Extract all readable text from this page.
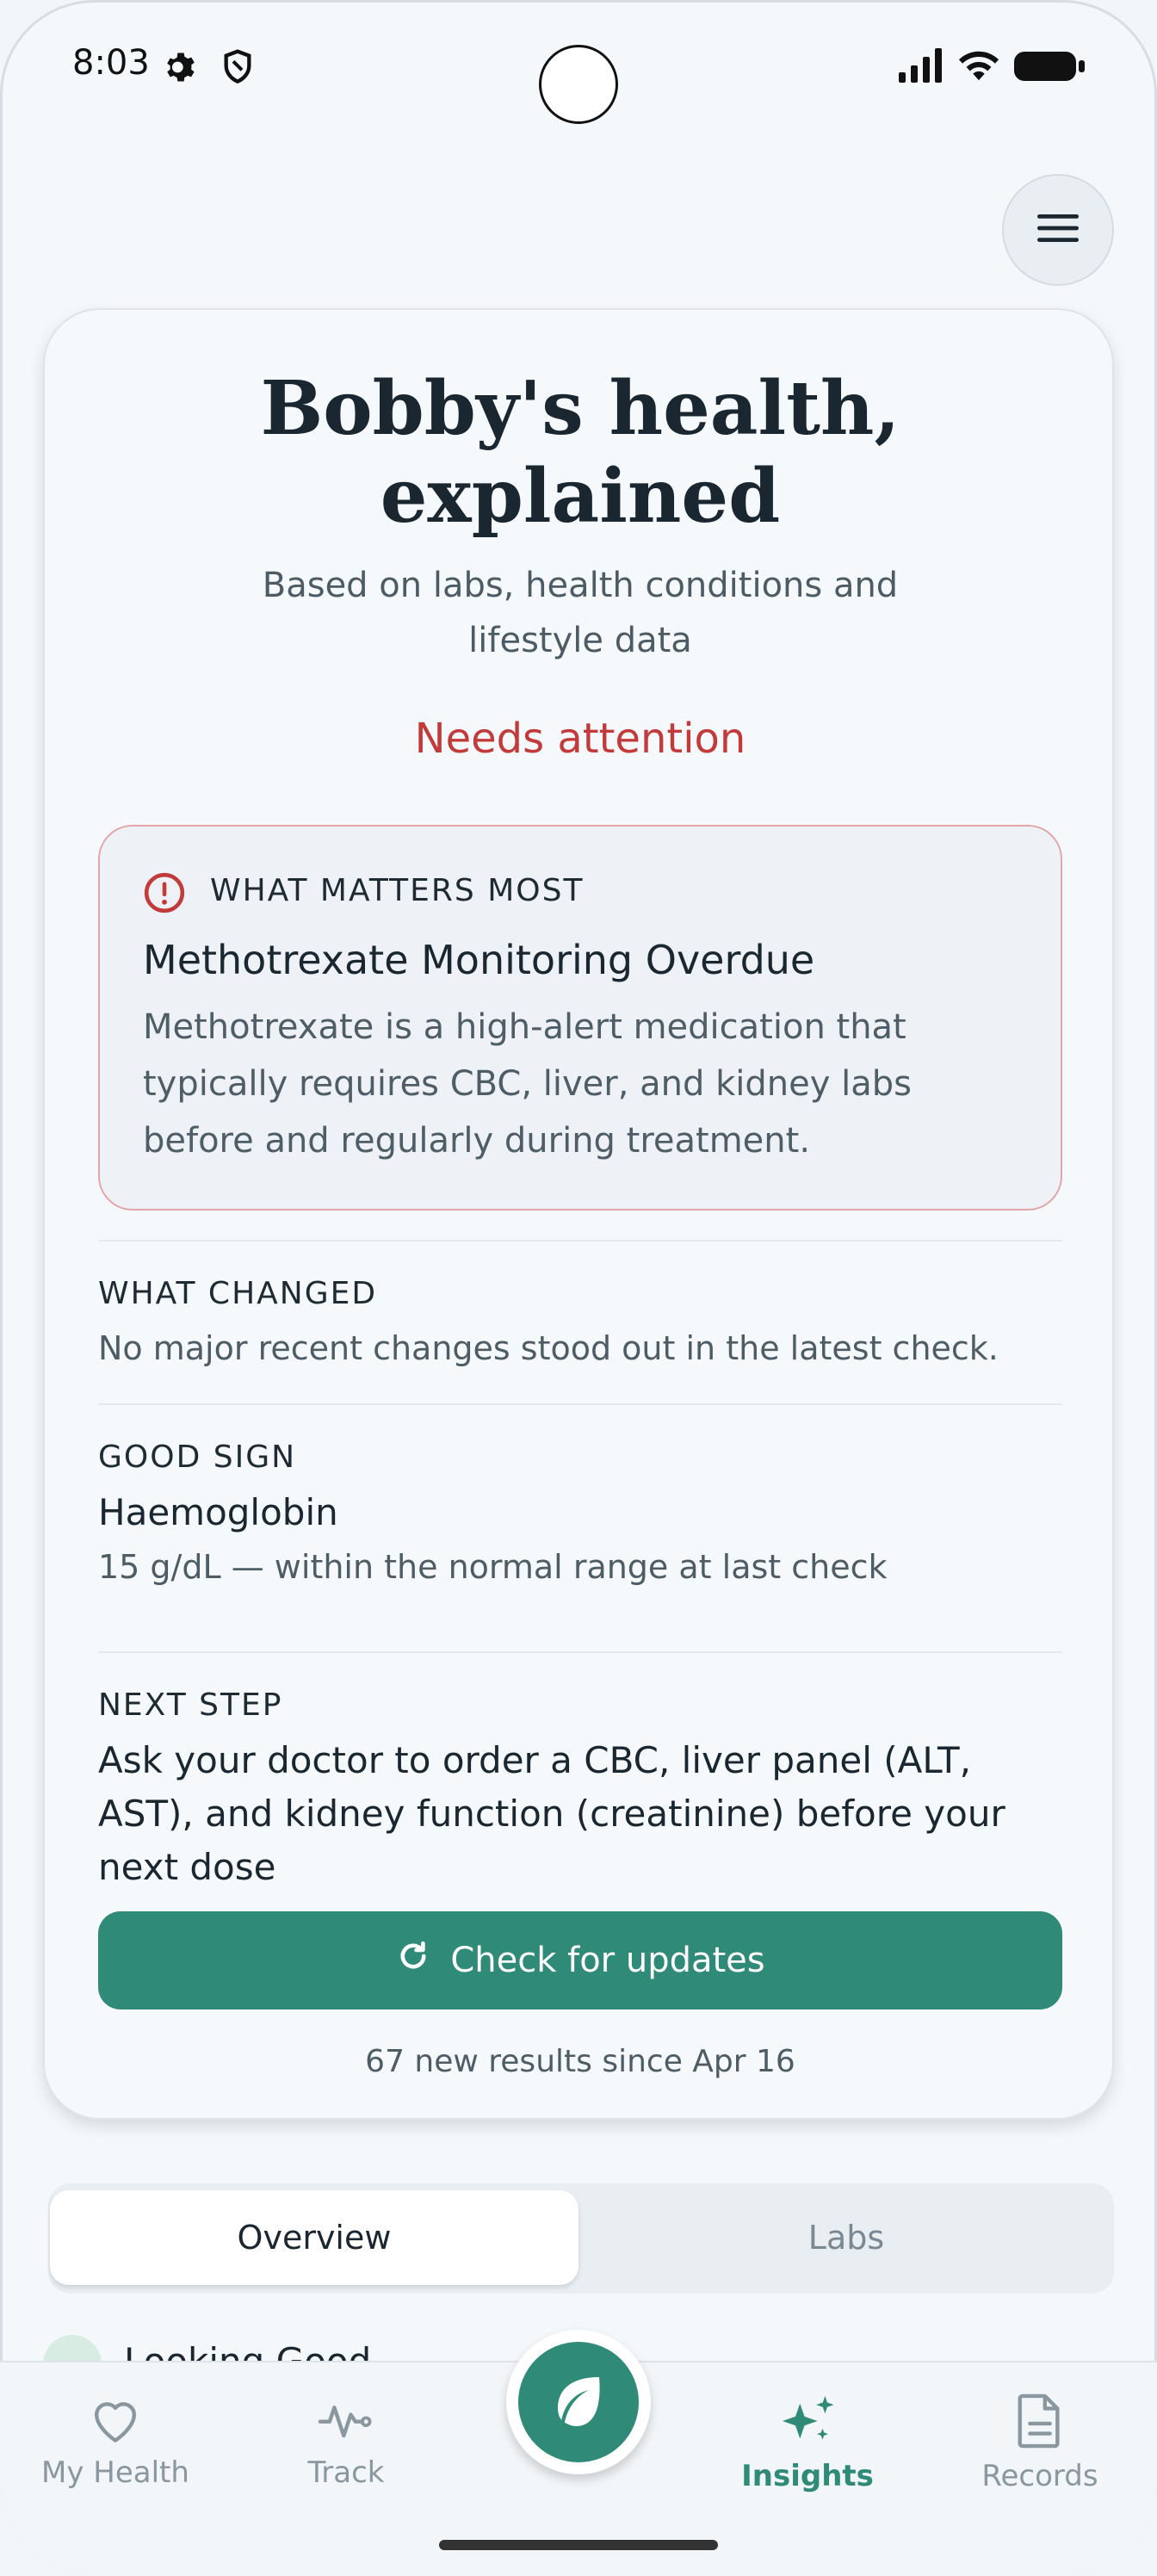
8:03
Bobby's health,
explained
Based on labs, health conditions and lifestyle data
Needs attention
WHAT MATTERS MOST
Methotrexate Monitoring Overdue
Methotrexate is a high-alert medication that typically requires CBC, liver, and kidney labs before and regularly during treatment.
WHAT CHANGED
No major recent changes stood out in the latest check.
GOOD SIGN
Haemoglobin
15 g/dL — within the normal range at last check
NEXT STEP
Ask your doctor to order a CBC, liver panel (ALT, AST), and kidney function (creatinine) before your next dose
Check for updates
67 new results since Apr 16
Overview	Labs
My Health	Track	Insights	Records
